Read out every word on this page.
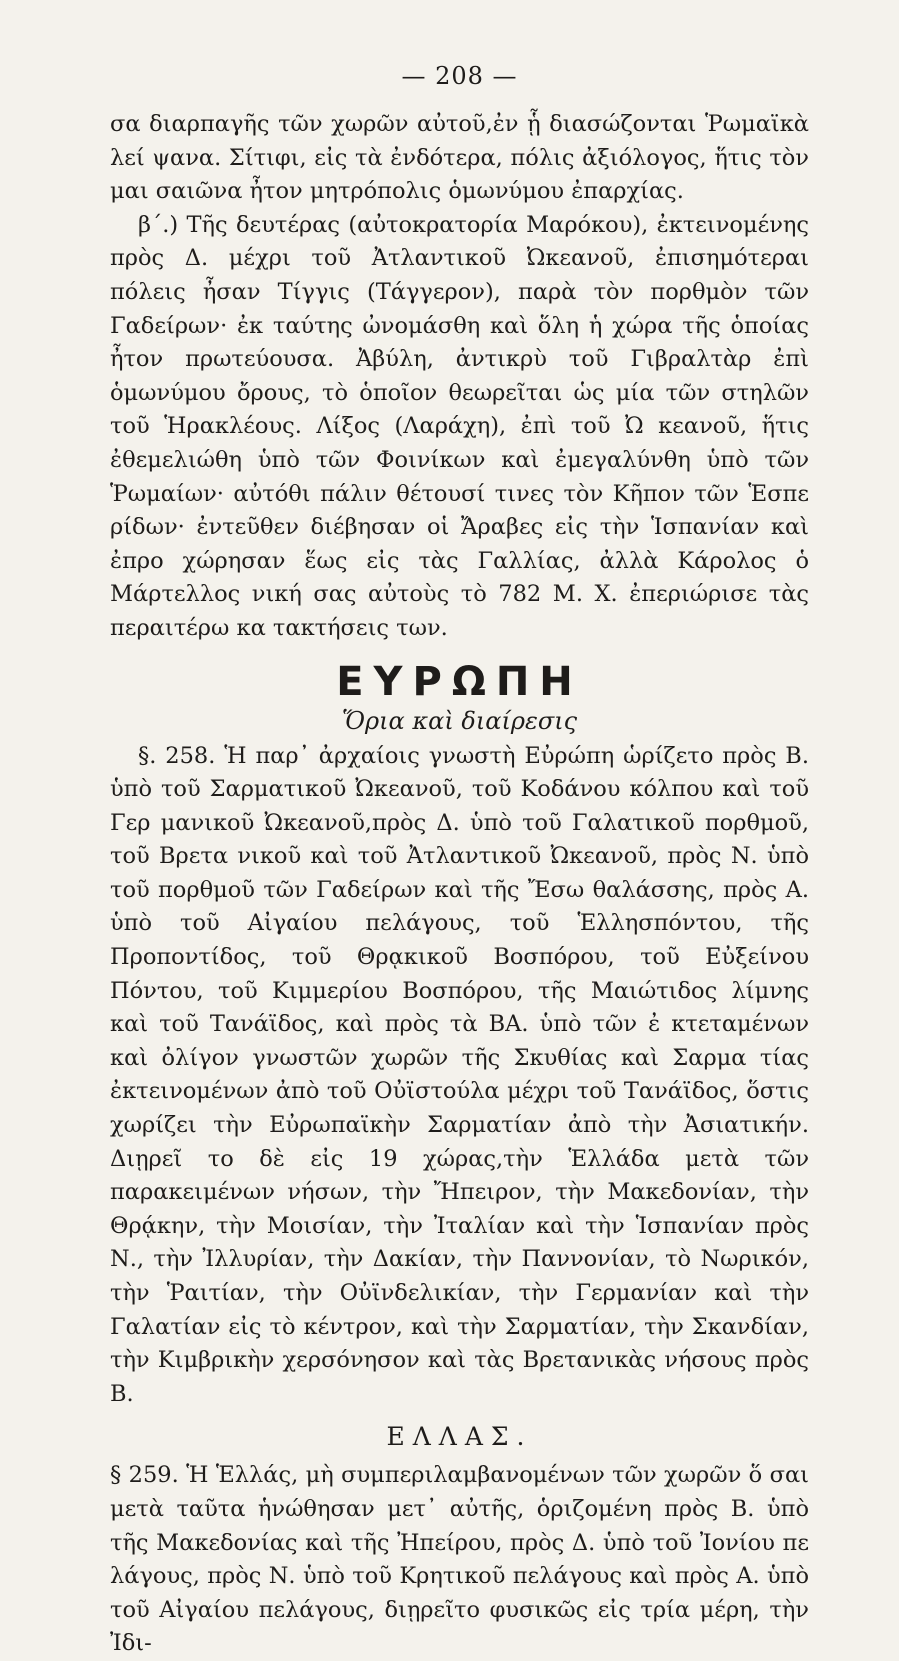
— 208 —

σα διαρπαγῆς τῶν χωρῶν αὐτοῦ,ἐν ᾗ διασώζονται Ῥωμαϊκὰ λεί ψανα. Σίτιφι, εἰς τὰ ἐνδότερα, πόλις ἀξιόλογος, ἥτις τὸν μαι σαιῶνα ἦτον μητρόπολις ὁμωνύμου ἐπαρχίας.

β΄.) Τῆς δευτέρας (αὐτοκρατορία Μαρόκου), ἐκτεινομένης πρὸς Δ. μέχρι τοῦ Ἀτλαντικοῦ Ὠκεανοῦ, ἐπισημότεραι πόλεις ἦσαν Τίγγις (Τάγγερον), παρὰ τὸν πορθμὸν τῶν Γαδείρων· ἐκ ταύτης ὠνομάσθη καὶ ὅλη ἡ χώρα τῆς ὁποίας ἦτον πρωτεύουσα. Ἀβύλη, ἀντικρὺ τοῦ Γιβραλτὰρ ἐπὶ ὁμωνύμου ὄρους, τὸ ὁποῖον θεωρεῖται ὡς μία τῶν στηλῶν τοῦ Ἡρακλέους. Λίξος (Λαράχη), ἐπὶ τοῦ Ὠ κεανοῦ, ἥτις ἐθεμελιώθη ὑπὸ τῶν Φοινίκων καὶ ἐμεγαλύνθη ὑπὸ τῶν Ῥωμαίων· αὐτόθι πάλιν θέτουσί τινες τὸν Κῆπον τῶν Ἑσπε ρίδων· ἐντεῦθεν διέβησαν οἱ Ἄραβες εἰς τὴν Ἱσπανίαν καὶ ἐπρο χώρησαν ἕως εἰς τὰς Γαλλίας, ἀλλὰ Κάρολος ὁ Μάρτελλος νική σας αὐτοὺς τὸ 782 Μ. Χ. ἐπεριώρισε τὰς περαιτέρω κα τακτήσεις των.

ΕΥΡΩΠΗ
Ὅρια καὶ διαίρεσις

§. 258. Ἡ παρ᾽ ἀρχαίοις γνωστὴ Εὐρώπη ὡρίζετο πρὸς Β. ὑπὸ τοῦ Σαρματικοῦ Ὠκεανοῦ, τοῦ Κοδάνου κόλπου καὶ τοῦ Γερ μανικοῦ Ὠκεανοῦ,πρὸς Δ. ὑπὸ τοῦ Γαλατικοῦ πορθμοῦ, τοῦ Βρετα νικοῦ καὶ τοῦ Ἀτλαντικοῦ Ὠκεανοῦ, πρὸς Ν. ὑπὸ τοῦ πορθμοῦ τῶν Γαδείρων καὶ τῆς Ἔσω θαλάσσης, πρὸς Α. ὑπὸ τοῦ Αἰγαίου πελάγους, τοῦ Ἑλλησπόντου, τῆς Προποντίδος, τοῦ Θρᾳκικοῦ Βοσπόρου, τοῦ Εὐξείνου Πόντου, τοῦ Κιμμερίου Βοσπόρου, τῆς Μαιώτιδος λίμνης καὶ τοῦ Τανάϊδος, καὶ πρὸς τὰ ΒΑ. ὑπὸ τῶν ἐ κτεταμένων καὶ ὀλίγον γνωστῶν χωρῶν τῆς Σκυθίας καὶ Σαρμα τίας ἐκτεινομένων ἀπὸ τοῦ Οὐϊστούλα μέχρι τοῦ Τανάϊδος, ὅστις χωρίζει τὴν Εὐρωπαϊκὴν Σαρματίαν ἀπὸ τὴν Ἀσιατικήν. Διῃρεῖ το δὲ εἰς 19 χώρας,τὴν Ἑλλάδα μετὰ τῶν παρακειμένων νήσων, τὴν Ἤπειρον, τὴν Μακεδονίαν, τὴν Θρᾴκην, τὴν Μοισίαν, τὴν Ἰταλίαν καὶ τὴν Ἱσπανίαν πρὸς Ν., τὴν Ἰλλυρίαν, τὴν Δακίαν, τὴν Παννονίαν, τὸ Νωρικόν, τὴν Ῥαιτίαν, τὴν Οὐϊνδελικίαν, τὴν Γερμανίαν καὶ τὴν Γαλατίαν εἰς τὸ κέντρον, καὶ τὴν Σαρματίαν, τὴν Σκανδίαν, τὴν Κιμβρικὴν χερσόνησον καὶ τὰς Βρετανικὰς νήσους πρὸς Β.

ΕΛΛΑΣ.

§ 259. Ἡ Ἑλλάς, μὴ συμπεριλαμβανομένων τῶν χωρῶν ὅ σαι μετὰ ταῦτα ἡνώθησαν μετ᾽ αὐτῆς, ὁριζομένη πρὸς Β. ὑπὸ τῆς Μακεδονίας καὶ τῆς Ἠπείρου, πρὸς Δ. ὑπὸ τοῦ Ἰονίου πε λάγους, πρὸς Ν. ὑπὸ τοῦ Κρητικοῦ πελάγους καὶ πρὸς Α. ὑπὸ τοῦ Αἰγαίου πελάγους, διῃρεῖτο φυσικῶς εἰς τρία μέρη, τὴν Ἰδι-
